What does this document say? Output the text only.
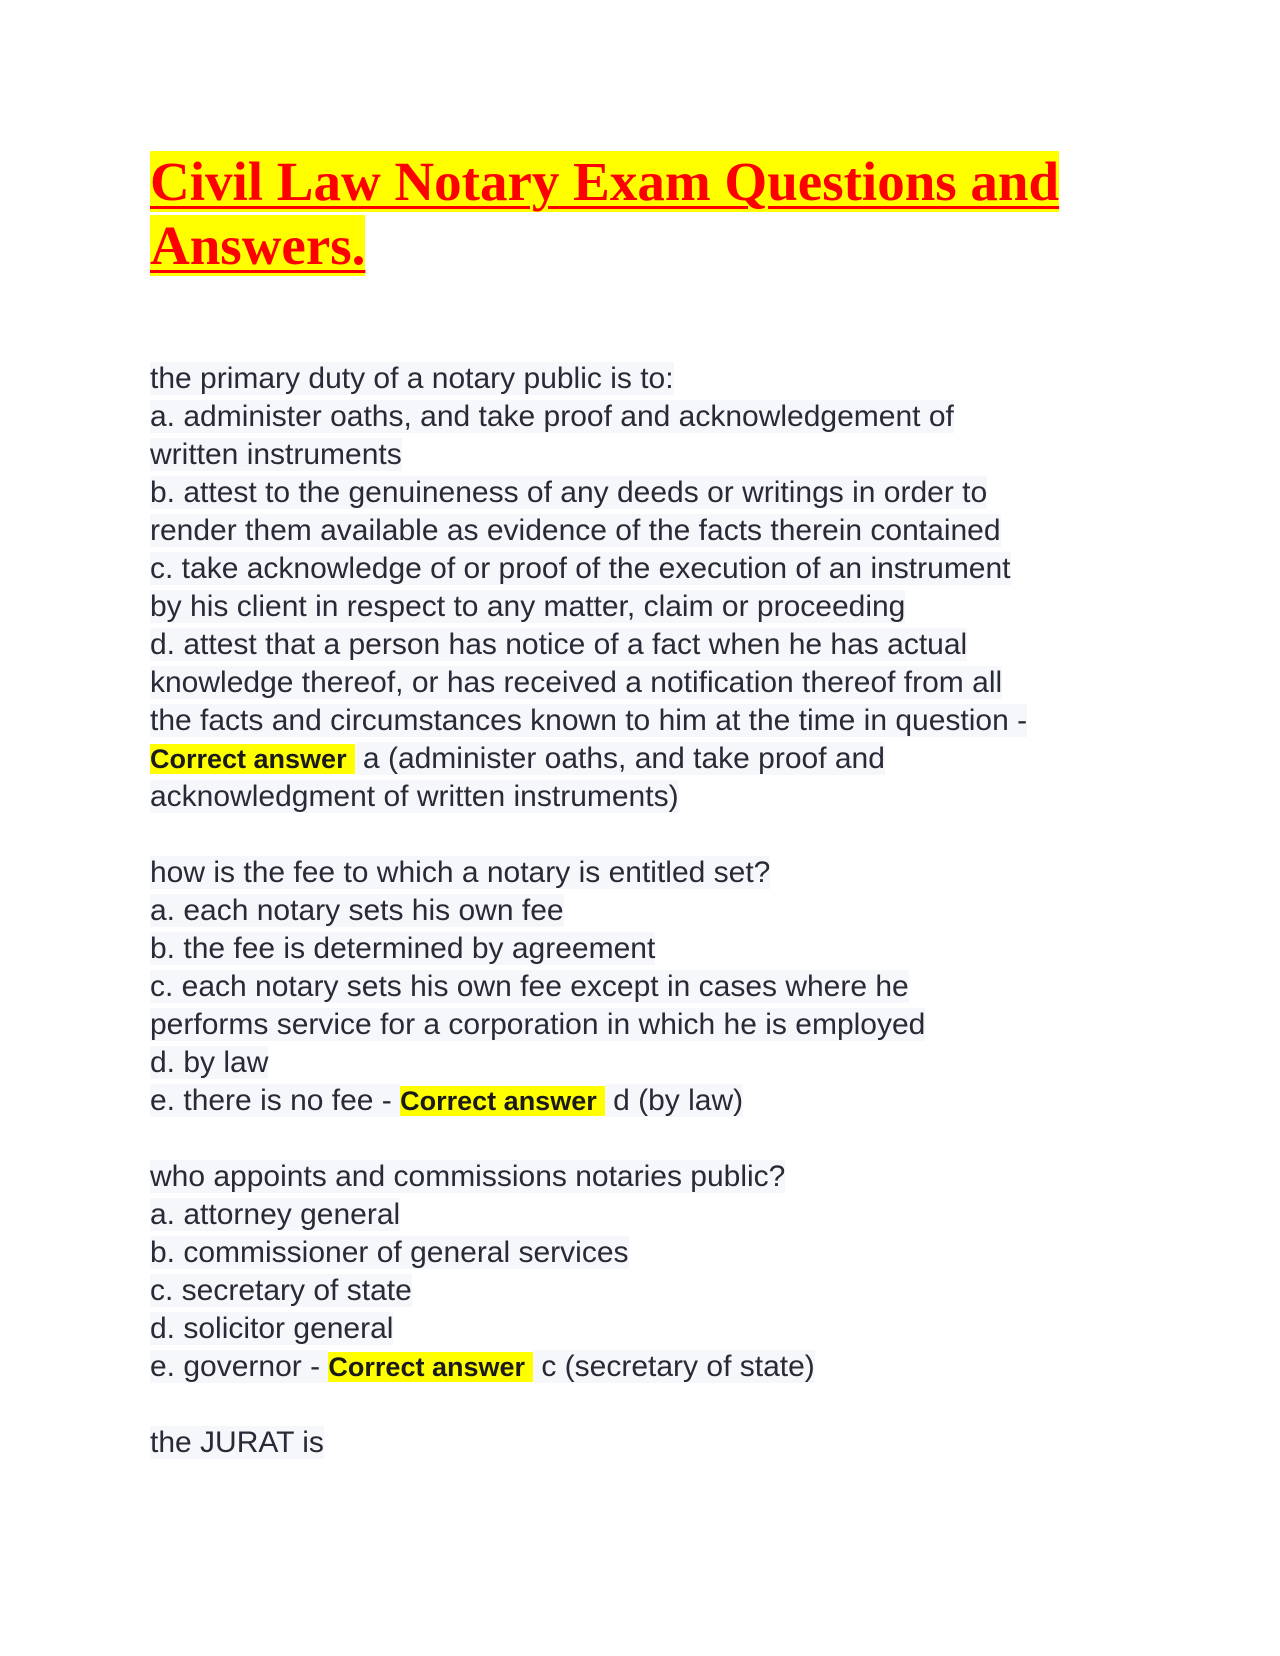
Civil Law Notary Exam Questions and
Answers.
the primary duty of a notary public is to:
a. administer oaths, and take proof and acknowledgement of
written instruments
b. attest to the genuineness of any deeds or writings in order to
render them available as evidence of the facts therein contained
c. take acknowledge of or proof of the execution of an instrument
by his client in respect to any matter, claim or proceeding
d. attest that a person has notice of a fact when he has actual
knowledge thereof, or has received a notification thereof from all
the facts and circumstances known to him at the time in question -
Correct answer a (administer oaths, and take proof and
acknowledgment of written instruments)
how is the fee to which a notary is entitled set?
a. each notary sets his own fee
b. the fee is determined by agreement
c. each notary sets his own fee except in cases where he
performs service for a corporation in which he is employed
d. by law
e. there is no fee - Correct answer d (by law)
who appoints and commissions notaries public?
a. attorney general
b. commissioner of general services
c. secretary of state
d. solicitor general
e. governor - Correct answer c (secretary of state)
the JURAT is
